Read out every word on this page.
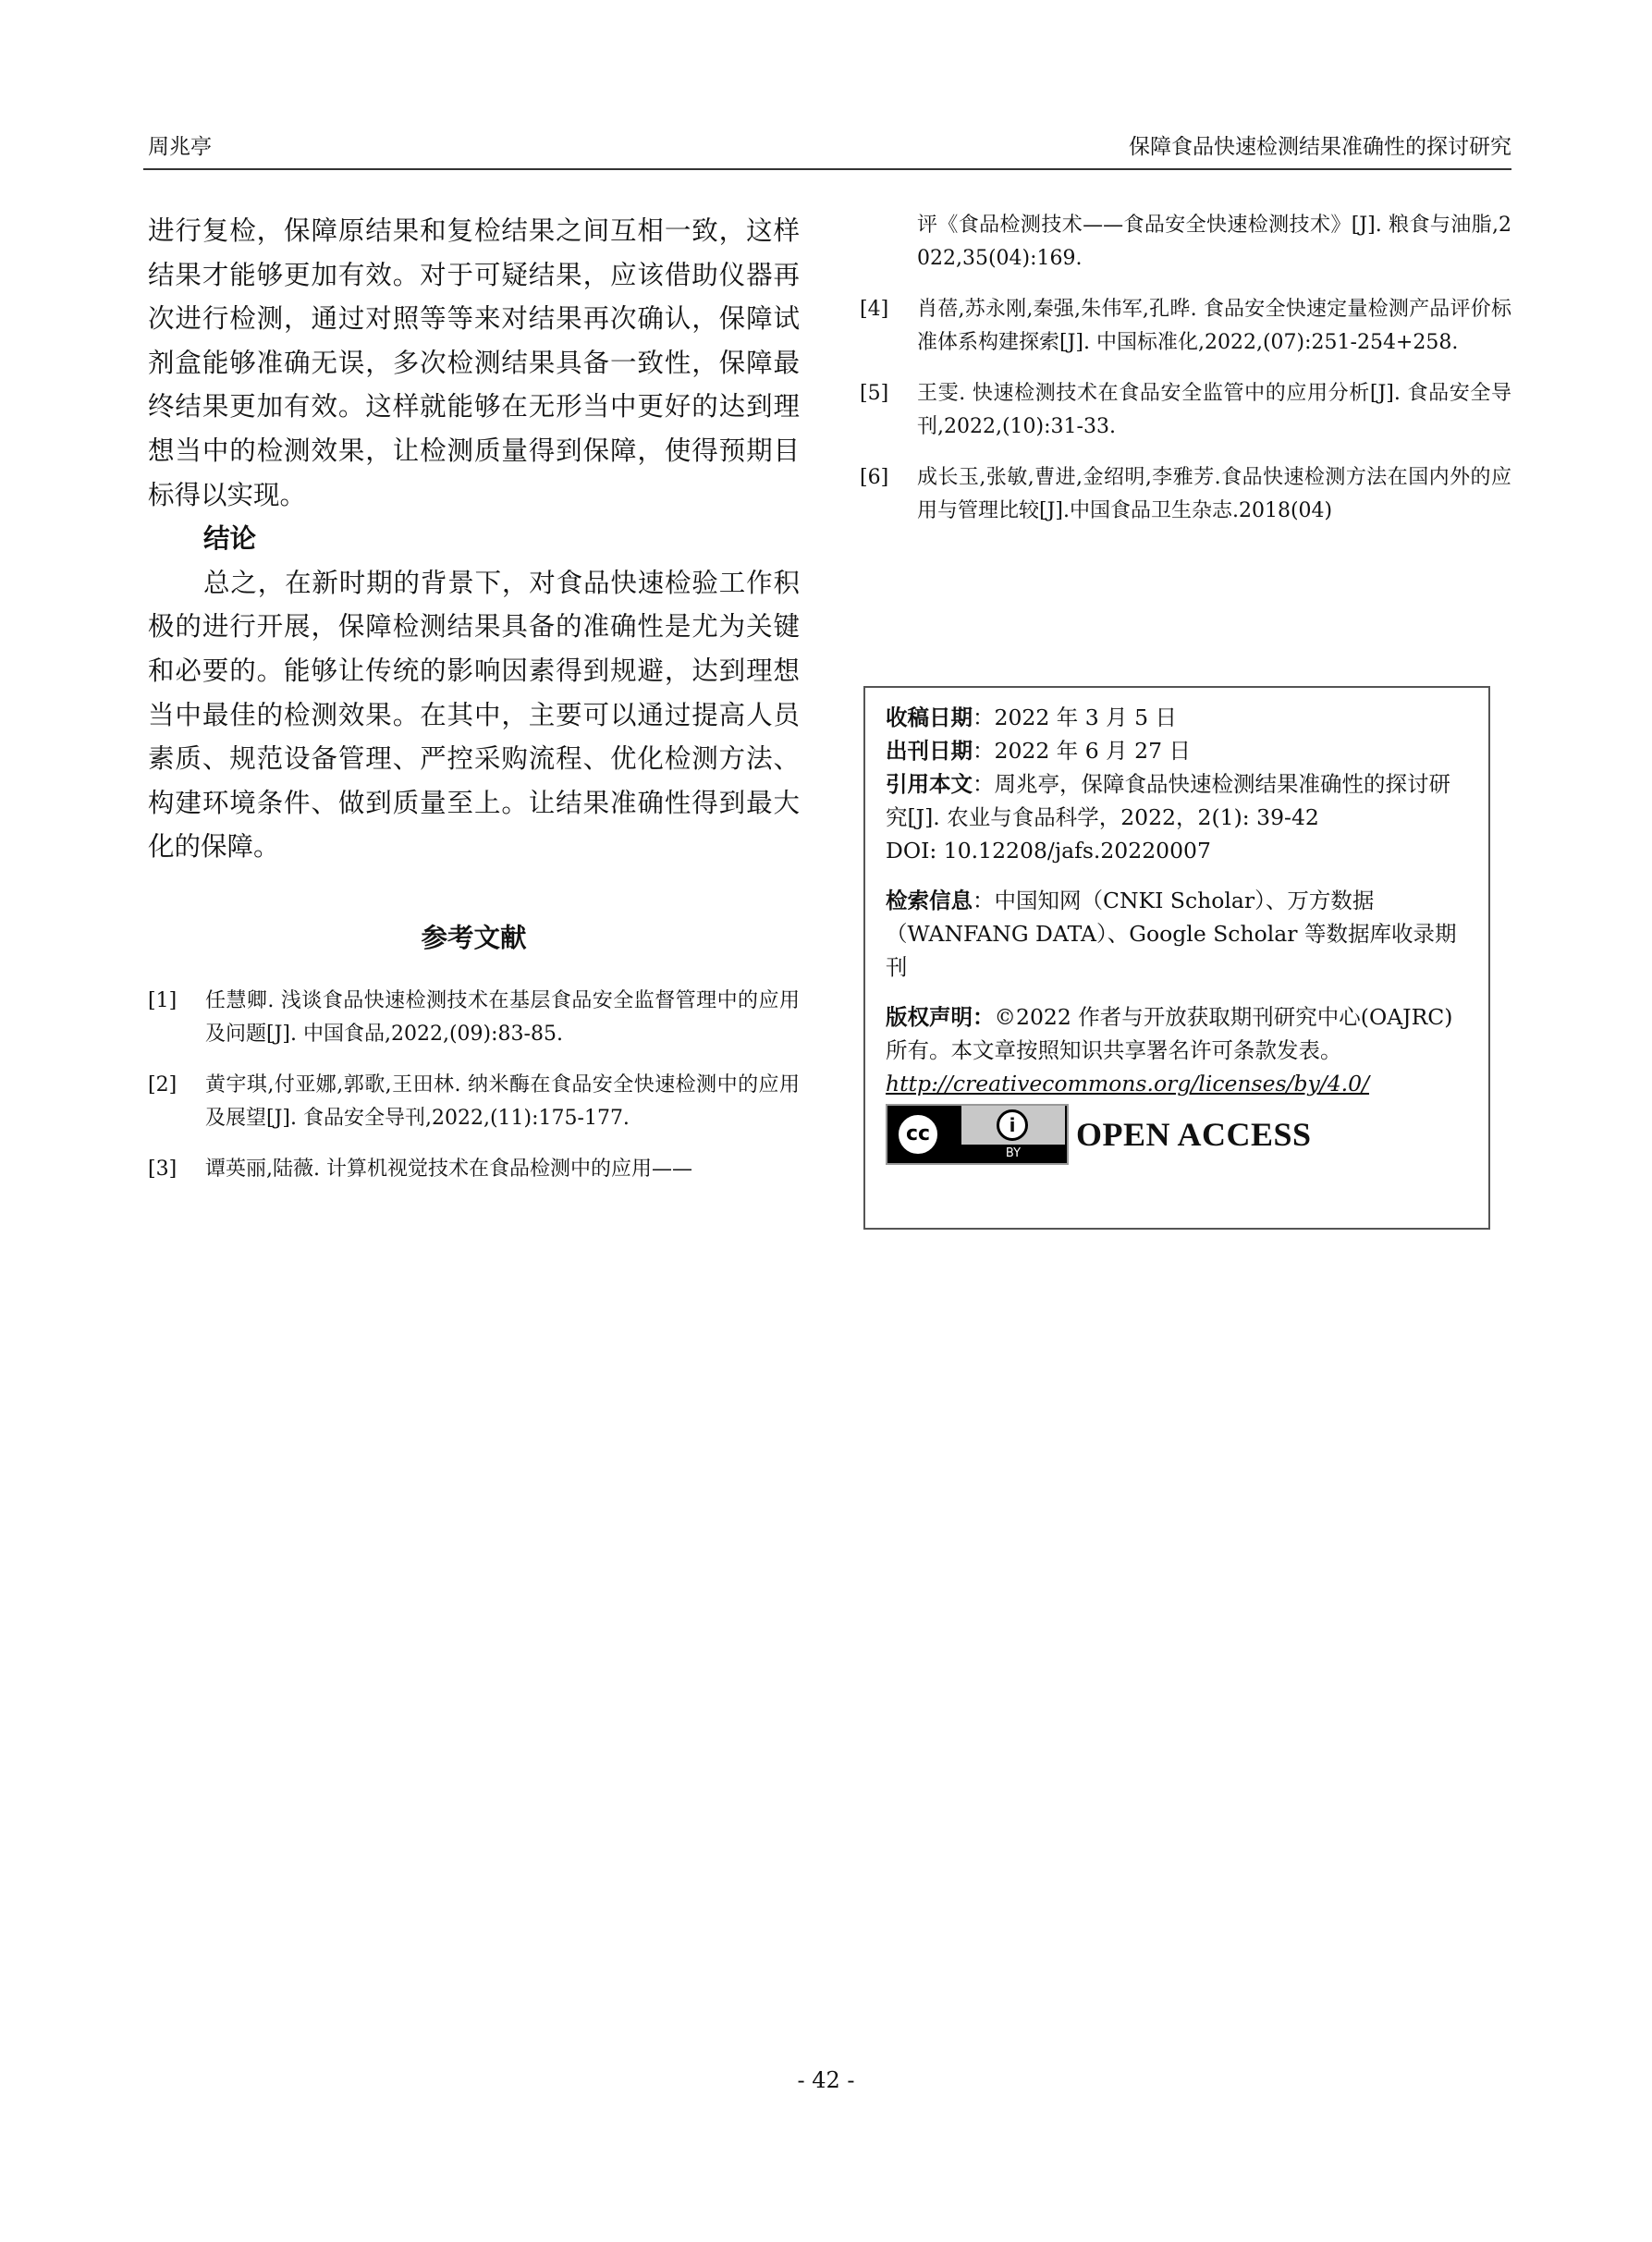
周兆亭	保障食品快速检测结果准确性的探讨研究

进行复检，保障原结果和复检结果之间互相一致，这样结果才能够更加有效。对于可疑结果，应该借助仪器再次进行检测，通过对照等等来对结果再次确认，保障试剂盒能够准确无误，多次检测结果具备一致性，保障最终结果更加有效。这样就能够在无形当中更好的达到理想当中的检测效果，让检测质量得到保障，使得预期目标得以实现。

结论

总之，在新时期的背景下，对食品快速检验工作积极的进行开展，保障检测结果具备的准确性是尤为关键和必要的。能够让传统的影响因素得到规避，达到理想当中最佳的检测效果。在其中，主要可以通过提高人员素质、规范设备管理、严控采购流程、优化检测方法、构建环境条件、做到质量至上。让结果准确性得到最大化的保障。

参考文献
[1]	任慧卿. 浅谈食品快速检测技术在基层食品安全监督管理中的应用及问题[J]. 中国食品,2022,(09):83-85.
[2]	黄宇琪,付亚娜,郭歌,王田林. 纳米酶在食品安全快速检测中的应用及展望[J]. 食品安全导刊,2022,(11):175-177.
[3]	谭英丽,陆薇. 计算机视觉技术在食品检测中的应用——
评《食品检测技术——食品安全快速检测技术》[J]. 粮食与油脂,2022,35(04):169.
[4]	肖蓓,苏永刚,秦强,朱伟军,孔晔. 食品安全快速定量检测产品评价标准体系构建探索[J]. 中国标准化,2022,(07):251-254+258.
[5]	王雯. 快速检测技术在食品安全监管中的应用分析[J]. 食品安全导刊,2022,(10):31-33.
[6]	成长玉,张敏,曹进,金绍明,李雅芳.食品快速检测方法在国内外的应用与管理比较[J].中国食品卫生杂志.2018(04)

收稿日期：2022 年 3 月 5 日

出刊日期：2022 年 6 月 27 日

引用本文：周兆亭，保障食品快速检测结果准确性的探讨研究[J]. 农业与食品科学，2022，2(1): 39-42

DOI: 10.12208/jafs.20220007

检索信息：中国知网（CNKI Scholar）、万方数据（WANFANG DATA）、Google Scholar 等数据库收录期刊

版权声明：©2022 作者与开放获取期刊研究中心(OAJRC)所有。本文章按照知识共享署名许可条款发表。http://creativecommons.org/licenses/by/4.0/

cc	i
BY
OPEN ACCESS
- 42 -
